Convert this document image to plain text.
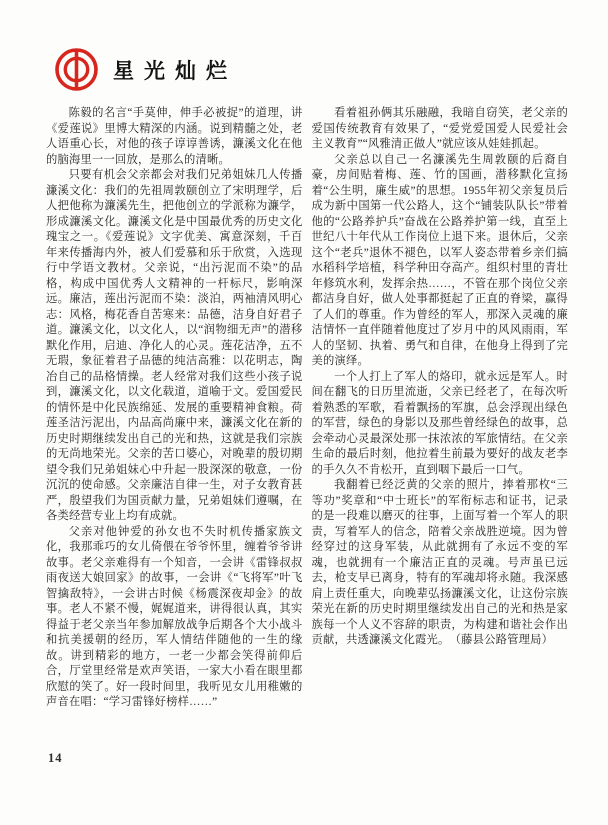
星光灿烂

陈毅的名言“手莫伸，伸手必被捉”的道理，讲《爱莲说》里博大精深的内涵。说到精髓之处，老人语重心长，对他的孩子谆谆善诱，濂溪文化在他的脑海里一一回放，是那么的清晰。

只要有机会父亲都会对我们兄弟姐妹几人传播濂溪文化：我们的先祖周敦颐创立了宋明理学，后人把他称为濂溪先生，把他创立的学派称为濂学，形成濂溪文化。濂溪文化是中国最优秀的历史文化瑰宝之一。《爱莲说》文字优美、寓意深刻，千百年来传播海内外，被人们爱慕和乐于欣赏，入选现行中学语文教材。父亲说，“出污泥而不染”的品格，构成中国优秀人文精神的一杆标尺，影响深远。廉洁，莲出污泥而不染：淡泊，两袖清风明心志：风格，梅花香自苦寒来：品德，洁身自好君子道。濂溪文化，以文化人，以“润物细无声”的潜移默化作用，启迪、净化人的心灵。莲花洁净，五不无瑕，象征着君子品德的纯洁高雅：以花明志，陶冶自己的品格情操。老人经常对我们这些小孩子说到，濂溪文化，以文化载道，道喻于文。爱国爱民的情怀是中化民族绵延、发展的重要精神食粮。荷莲圣洁污泥出，内品高尚廉中来，濂溪文化在新的历史时期继续发出自己的光和热，这就是我们宗族的无尚地荣光。父亲的苦口婆心，对晚辈的殷切期望令我们兄弟姐妹心中升起一股深深的敬意，一份沉沉的使命感。父亲廉洁自律一生，对子女教育甚严，殷望我们为国贡献力量，兄弟姐妹们遵嘱，在各类经营专业上均有成就。

父亲对他钟爱的孙女也不失时机传播家族文化，我那乖巧的女儿倚偎在爷爷怀里，缠着爷爷讲故事。老父亲难得有一个知音，一会讲《雷锋叔叔雨夜送大娘回家》的故事，一会讲《“飞将军”叶飞智擒敌特》，一会讲古时候《杨震深夜却金》的故事。老人不紧不慢，娓娓道来，讲得很认真，其实得益于老父亲当年参加解放战争后期各个大小战斗和抗美援朝的经历，军人情结伴随他的一生的缘故。讲到精彩的地方，一老一少都会笑得前仰后合，厅堂里经常是欢声笑语，一家大小看在眼里都欣慰的笑了。好一段时间里，我听见女儿用稚嫩的声音在唱：“学习雷锋好榜样……”

看着祖孙俩其乐融融，我暗自窃笑，老父亲的爱国传统教育有效果了，“爱党爱国爱人民爱社会主义教育”“风雅清正做人”就应该从娃娃抓起。

父亲总以自己一名濂溪先生周敦颐的后裔自豪，房间贴着梅、莲、竹的国画，潜移默化宣扬着“公生明，廉生威”的思想。1955年初父亲复员后成为新中国第一代公路人，这个“铺装队队长”带着他的“公路养护兵”奋战在公路养护第一线，直至上世纪八十年代从工作岗位上退下来。退休后，父亲这个“老兵”退休不褪色，以军人姿态带着乡亲们搞水稻科学培植，科学种田夺高产。组织村里的青壮年修筑水利，发挥余热……，不管在那个岗位父亲都洁身自好，做人处事都挺起了正直的脊梁，赢得了人们的尊重。作为曾经的军人，那深入灵魂的廉洁情怀一直伴随着他度过了岁月中的风风雨雨，军人的坚韧、执着、勇气和自律，在他身上得到了完美的演绎。

一个人打上了军人的烙印，就永远是军人。时间在翻飞的日历里流逝，父亲已经老了，在每次听着熟悉的军歌，看着飘扬的军旗，总会浮现出绿色的军营，绿色的身影以及那些曾经绿色的故事，总会牵动心灵最深处那一抹浓浓的军旅情结。在父亲生命的最后时刻，他拉着生前最为要好的战友老李的手久久不肯松开，直到咽下最后一口气。

我翻着已经泛黄的父亲的照片，捧着那枚“三等功”奖章和“中士班长”的军衔标志和证书，记录的是一段难以磨灭的往事，上面写着一个军人的职责，写着军人的信念，陪着父亲战胜逆境。因为曾经穿过的这身军装，从此就拥有了永远不变的军魂，也就拥有一个廉洁正直的灵魂。号声虽已远去，枪支早已离身，特有的军魂却将永随。我深感肩上责任重大，向晚辈弘扬濂溪文化，让这份宗族荣光在新的历史时期里继续发出自己的光和热是家族每一个人义不容辞的职责，为构建和谐社会作出贡献，共透濂溪文化霞光。　（藤县公路管理局）

14
